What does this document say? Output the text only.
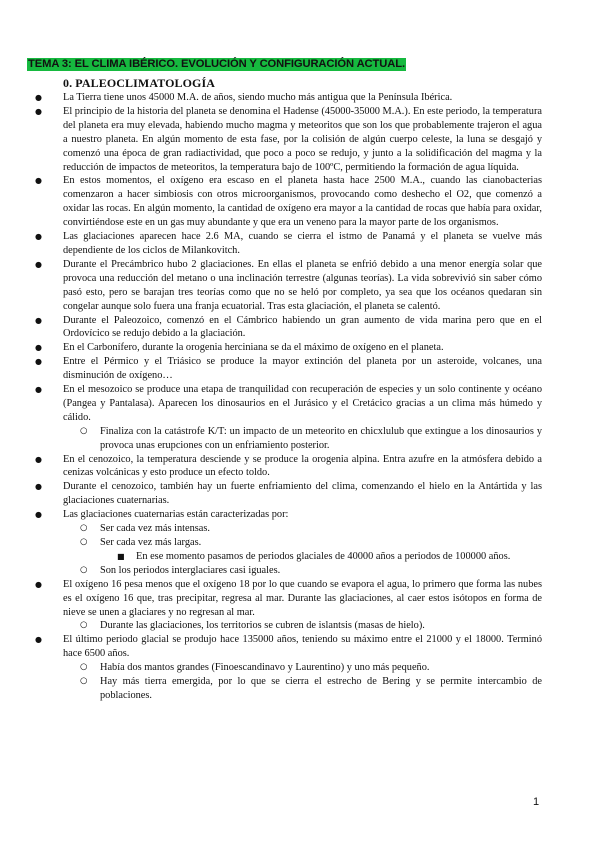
TEMA 3: EL CLIMA IBÉRICO. EVOLUCIÓN Y CONFIGURACIÓN ACTUAL.
0. PALEOCLIMATOLOGÍA
● La Tierra tiene unos 45000 M.A. de años, siendo mucho más antigua que la Península Ibérica.
● El principio de la historia del planeta se denomina el Hadense (45000-35000 M.A.). En este periodo, la temperatura del planeta era muy elevada, habiendo mucho magma y meteoritos que son los que probablemente trajeron el agua a nuestro planeta. En algún momento de esta fase, por la colisión de algún cuerpo celeste, la luna se desgajó y comenzó una época de gran radiactividad, que poco a poco se redujo, y junto a la solidificación del magma y la reducción de impactos de meteoritos, la temperatura bajo de 100ºC, permitiendo la formación de agua líquida.
● En estos momentos, el oxígeno era escaso en el planeta hasta hace 2500 M.A., cuando las cianobacterias comenzaron a hacer simbiosis con otros microorganismos, provocando como deshecho el O2, que comenzó a oxidar las rocas. En algún momento, la cantidad de oxígeno era mayor a la cantidad de rocas que había para oxidar, convirtiéndose este en un gas muy abundante y que era un veneno para la mayor parte de los organismos.
● Las glaciaciones aparecen hace 2.6 MA, cuando se cierra el istmo de Panamá y el planeta se vuelve más dependiente de los ciclos de Milankovitch.
● Durante el Precámbrico hubo 2 glaciaciones. En ellas el planeta se enfrió debido a una menor energía solar que provoca una reducción del metano o una inclinación terrestre (algunas teorías). La vida sobrevivió sin saber cómo pasó esto, pero se barajan tres teorías como que no se heló por completo, ya sea que los océanos quedaran sin congelar aunque solo fuera una franja ecuatorial. Tras esta glaciación, el planeta se calentó.
● Durante el Paleozoico, comenzó en el Cámbrico habiendo un gran aumento de vida marina pero que en el Ordovícico se redujo debido a la glaciación.
● En el Carbonífero, durante la orogenia herciniana se da el máximo de oxígeno en el planeta.
● Entre el Pérmico y el Triásico se produce la mayor extinción del planeta por un asteroide, volcanes, una disminución de oxígeno…
● En el mesozoico se produce una etapa de tranquilidad con recuperación de especies y un solo continente y océano (Pangea y Pantalasa). Aparecen los dinosaurios en el Jurásico y el Cretácico gracias a un clima más húmedo y cálido.
○ Finaliza con la catástrofe K/T: un impacto de un meteorito en chicxlulub que extingue a los dinosaurios y provoca unas erupciones con un enfriamiento posterior.
● En el cenozoico, la temperatura desciende y se produce la orogenia alpina. Entra azufre en la atmósfera debido a cenizas volcánicas y esto produce un efecto toldo.
● Durante el cenozoico, también hay un fuerte enfriamiento del clima, comenzando el hielo en la Antártida y las glaciaciones cuaternarias.
● Las glaciaciones cuaternarias están caracterizadas por:
○ Ser cada vez más intensas.
○ Ser cada vez más largas.
■ En ese momento pasamos de periodos glaciales de 40000 años a periodos de 100000 años.
○ Son los periodos interglaciares casi iguales.
● El oxígeno 16 pesa menos que el oxígeno 18 por lo que cuando se evapora el agua, lo primero que forma las nubes es el oxígeno 16 que, tras precipitar, regresa al mar. Durante las glaciaciones, al caer estos isótopos en forma de nieve se unen a glaciares y no regresan al mar.
○ Durante las glaciaciones, los territorios se cubren de islantsis (masas de hielo).
● El último periodo glacial se produjo hace 135000 años, teniendo su máximo entre el 21000 y el 18000. Terminó hace 6500 años.
○ Había dos mantos grandes (Finoescandinavo y Laurentino) y uno más pequeño.
○ Hay más tierra emergida, por lo que se cierra el estrecho de Bering y se permite intercambio de poblaciones.
1
